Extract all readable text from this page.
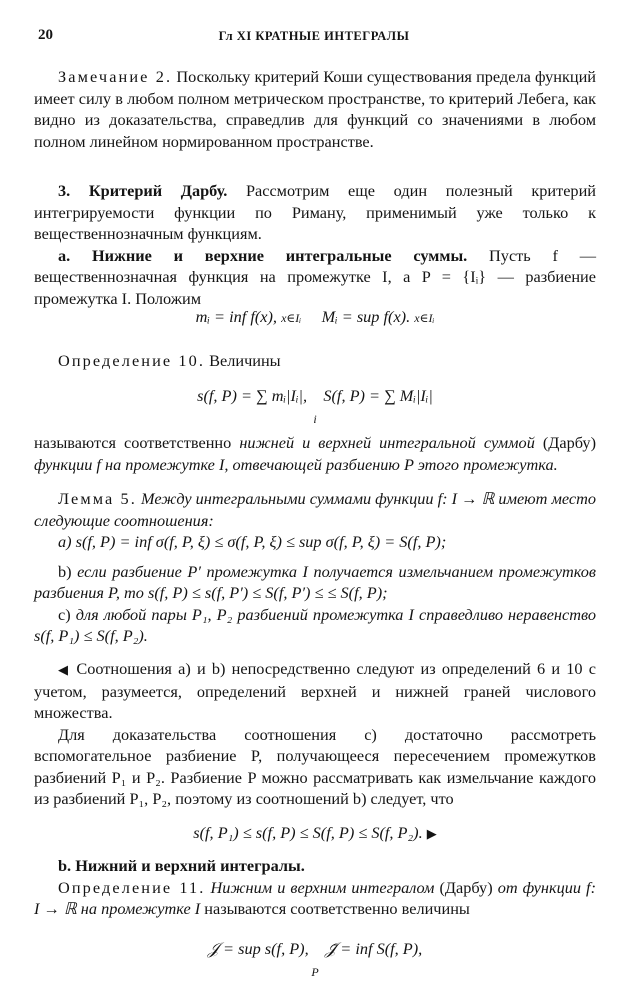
20	Гл XI КРАТНЫЕ ИНТЕГРАЛЫ

Замечание 2. Поскольку критерий Коши существования предела функций имеет силу в любом полном метрическом пространстве, то критерий Лебега, как видно из доказательства, справедлив для функций со значениями в любом полном линейном нормированном пространстве.

3. Критерий Дарбу. Рассмотрим еще один полезный критерий интегрируемости функции по Риману, применимый уже только к вещественнозначным функциям.

a. Нижние и верхние интегральные суммы. Пусть f — вещественнозначная функция на промежутке I, а P = {Iᵢ} — разбиение промежутка I. Положим

mᵢ = inf f(x), x∈Iᵢ Mᵢ = sup f(x). x∈Iᵢ

Определение 10. Величины

s(f, P) = ∑ mᵢ|Iᵢ|, S(f, P) = ∑ Mᵢ|Iᵢ|
i

называются соответственно нижней и верхней интегральной суммой (Дарбу) функции f на промежутке I, отвечающей разбиению P этого промежутка.

Лемма 5. Между интегральными суммами функции f: I → ℝ имеют место следующие соотношения:

a) s(f, P) = inf σ(f, P, ξ) ≤ σ(f, P, ξ) ≤ sup σ(f, P, ξ) = S(f, P);

b) если разбиение P′ промежутка I получается измельчанием промежутков разбиения P, то s(f, P) ≤ s(f, P′) ≤ S(f, P′) ≤ ≤ S(f, P);

c) для любой пары P₁, P₂ разбиений промежутка I справедливо неравенство s(f, P₁) ≤ S(f, P₂).

◀ Соотношения a) и b) непосредственно следуют из определений 6 и 10 с учетом, разумеется, определений верхней и нижней граней числового множества.

Для доказательства соотношения c) достаточно рассмотреть вспомогательное разбиение P, получающееся пересечением промежутков разбиений P₁ и P₂. Разбиение P можно рассматривать как измельчание каждого из разбиений P₁, P₂, поэтому из соотношений b) следует, что

s(f, P₁) ≤ s(f, P) ≤ S(f, P) ≤ S(f, P₂). ▶

b. Нижний и верхний интегралы.

Определение 11. Нижним и верхним интегралом (Дарбу) от функции f: I → ℝ на промежутке I называются соответственно величины

𝒥 = sup s(f, P), 𝒥̄ = inf S(f, P),
P
